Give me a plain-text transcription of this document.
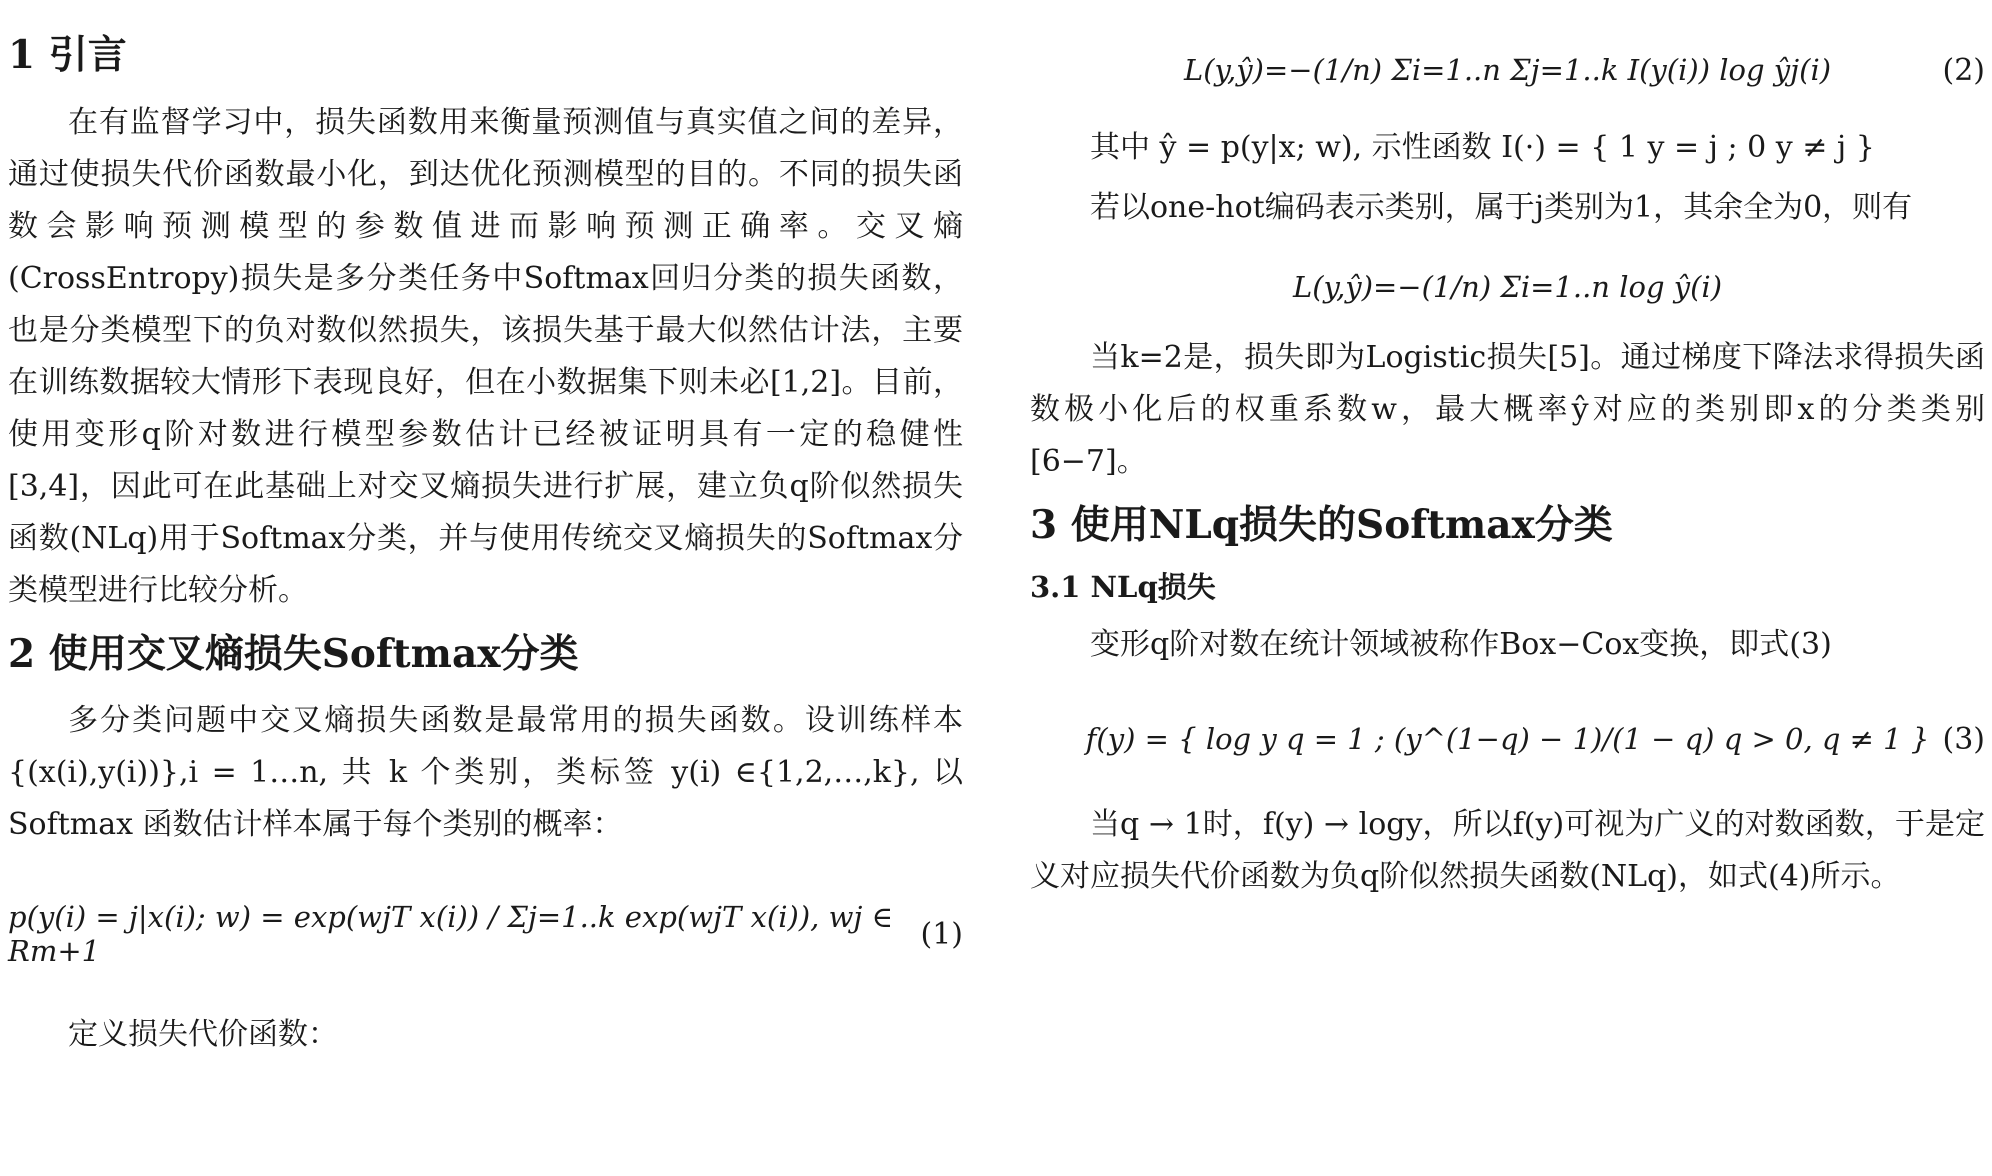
1 引言

在有监督学习中，损失函数用来衡量预测值与真实值之间的差异，通过使损失代价函数最小化，到达优化预测模型的目的。不同的损失函数会影响预测模型的参数值进而影响预测正确率。交叉熵(CrossEntropy)损失是多分类任务中Softmax回归分类的损失函数，也是分类模型下的负对数似然损失，该损失基于最大似然估计法，主要在训练数据较大情形下表现良好，但在小数据集下则未必[1,2]。目前，使用变形q阶对数进行模型参数估计已经被证明具有一定的稳健性[3,4]，因此可在此基础上对交叉熵损失进行扩展，建立负q阶似然损失函数(NLq)用于Softmax分类，并与使用传统交叉熵损失的Softmax分类模型进行比较分析。

2 使用交叉熵损失Softmax分类

多分类问题中交叉熵损失函数是最常用的损失函数。设训练样本{(x(i),y(i))},i = 1…n, 共 k 个类别，类标签 y(i) ∈{1,2,…,k}, 以 Softmax 函数估计样本属于每个类别的概率：

p(y(i) = j|x(i); w) = exp(wjT x(i)) / Σj=1..k exp(wjT x(i)), wj ∈ Rm+1	(1)

定义损失代价函数：

L(y,ŷ)=−(1/n) Σi=1..n Σj=1..k I(y(i)) log ŷj(i)	(2)

其中 ŷ = p(y|x; w), 示性函数 I(·) = { 1 y = j ; 0 y ≠ j }

若以one-hot编码表示类别，属于j类别为1，其余全为0，则有

L(y,ŷ)=−(1/n) Σi=1..n log ŷ(i)

当k=2是，损失即为Logistic损失[5]。通过梯度下降法求得损失函数极小化后的权重系数w，最大概率ŷ对应的类别即x的分类类别[6−7]。

3 使用NLq损失的Softmax分类
3.1 NLq损失

变形q阶对数在统计领域被称作Box−Cox变换，即式(3)

f(y) = { log y q = 1 ; (y^(1−q) − 1)/(1 − q) q > 0, q ≠ 1 } (3)

当q → 1时，f(y) → logy，所以f(y)可视为广义的对数函数，于是定义对应损失代价函数为负q阶似然损失函数(NLq)，如式(4)所示。
